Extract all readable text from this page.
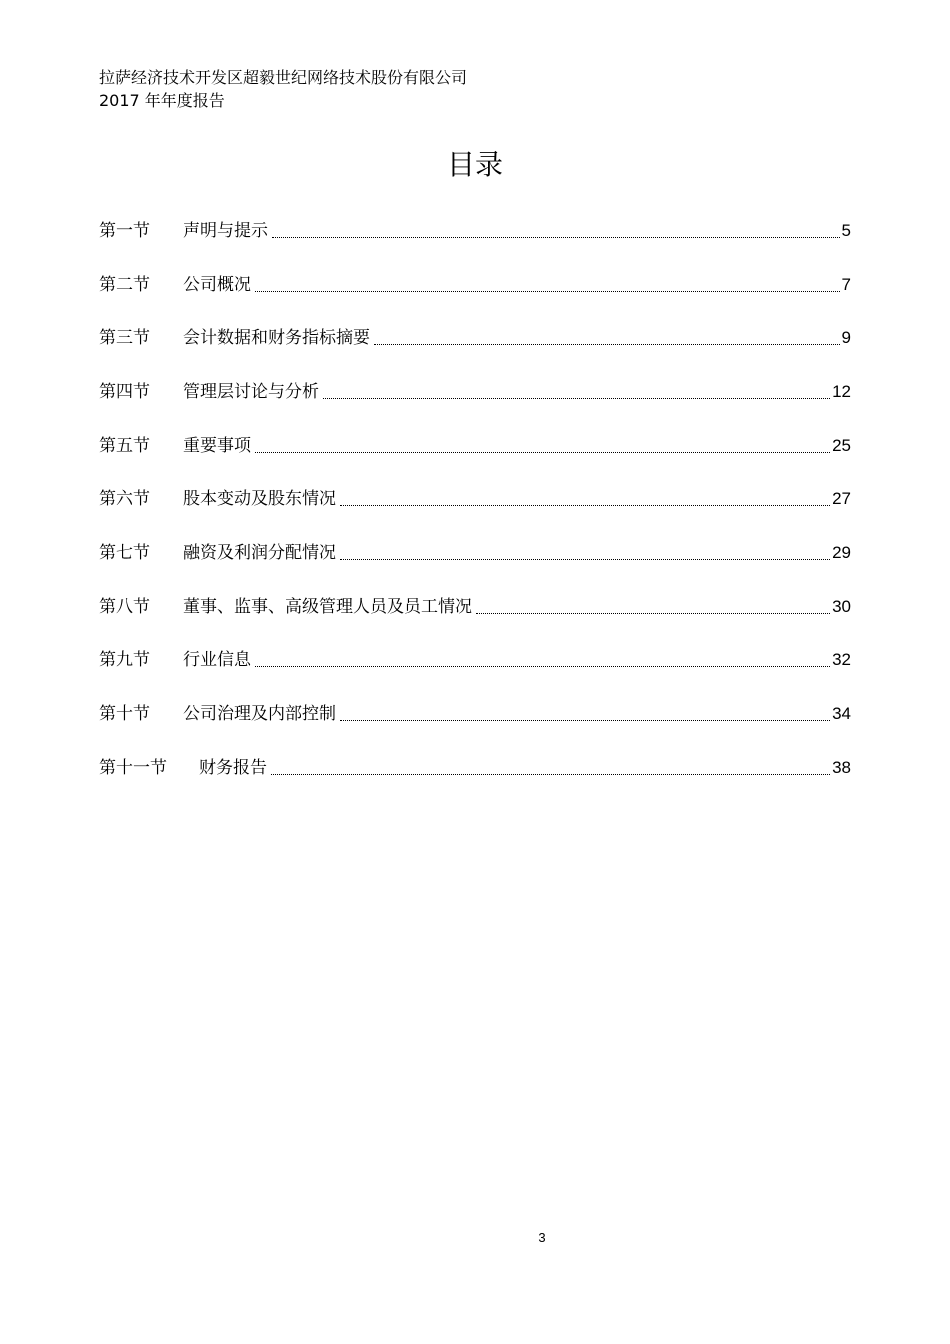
拉萨经济技术开发区超毅世纪网络技术股份有限公司
2017 年年度报告
目录
第一节	声明与提示	5
第二节	公司概况	7
第三节	会计数据和财务指标摘要	9
第四节	管理层讨论与分析	12
第五节	重要事项	25
第六节	股本变动及股东情况	27
第七节	融资及利润分配情况	29
第八节	董事、监事、高级管理人员及员工情况	30
第九节	行业信息	32
第十节	公司治理及内部控制	34
第十一节	财务报告	38
3
